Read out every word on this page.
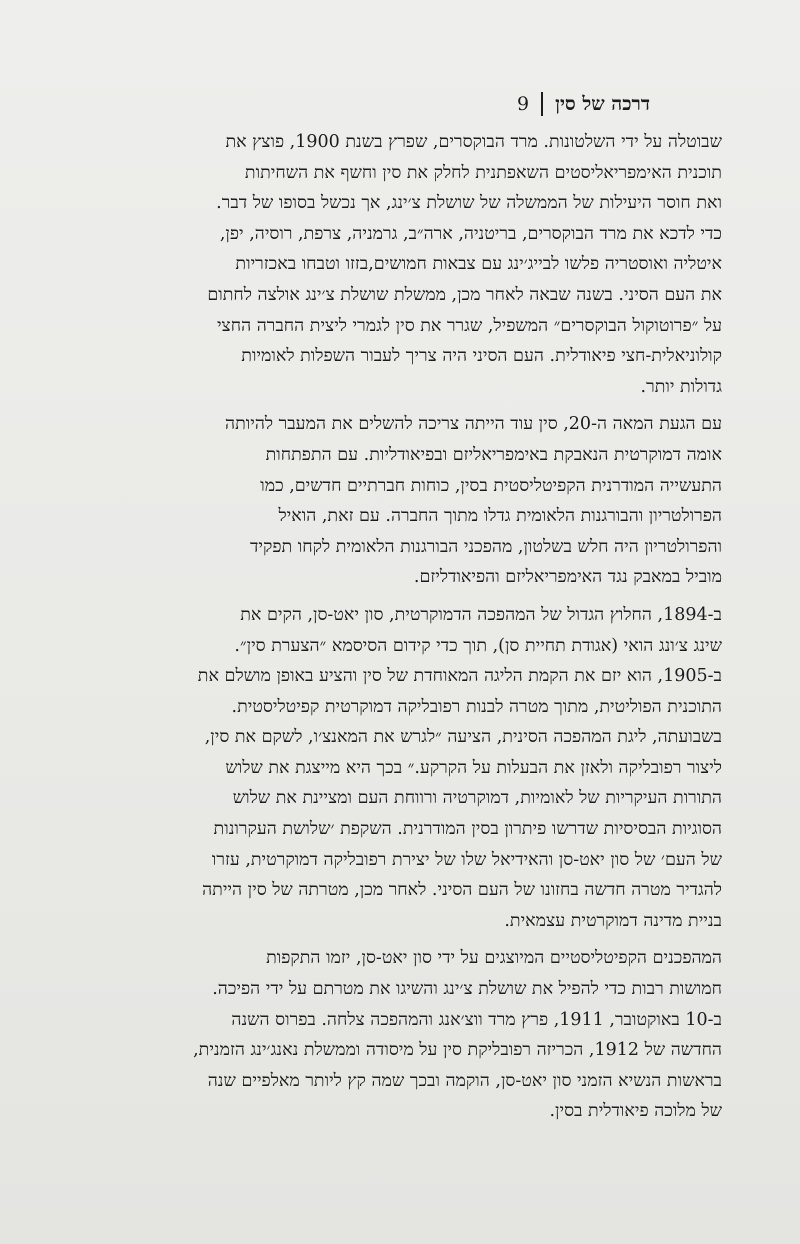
דרכה של סין
9
שבוטלה על ידי השלטונות. מרד הבוקסרים, שפרץ בשנת 1900, פוצץ את
תוכנית האימפריאליסטים השאפתנית לחלק את סין וחשף את השחיתות
ואת חוסר היעילות של הממשלה של שושלת צ׳ינג, אך נכשל בסופו של דבר.
כדי לדכא את מרד הבוקסרים, בריטניה, ארה״ב, גרמניה, צרפת, רוסיה, יפן,
איטליה ואוסטריה פלשו לבייג׳ינג עם צבאות חמושים,בזזו וטבחו באכזריות
את העם הסיני. בשנה שבאה לאחר מכן, ממשלת שושלת צ׳ינג אולצה לחתום
על ״פרוטוקול הבוקסרים״ המשפיל, שגרר את סין לגמרי ליצית החברה החצי
קולוניאלית-חצי פיאודלית. העם הסיני היה צריך לעבור השפלות לאומיות
גדולות יותר.
עם הגעת המאה ה-20, סין עוד הייתה צריכה להשלים את המעבר להיותה
אומה דמוקרטית הנאבקת באימפריאליזם ובפיאודליות. עם התפתחות
התעשייה המודרנית הקפיטליסטית בסין, כוחות חברתיים חדשים, כמו
הפרולטריון והבורגנות הלאומית גדלו מתוך החברה. עם זאת, הואיל
והפרולטריון היה חלש בשלטון, מהפכני הבורגנות הלאומית לקחו תפקיד
מוביל במאבק נגד האימפריאליזם והפיאודליזם.
ב-1894, החלוץ הגדול של המהפכה הדמוקרטית, סון יאט-סן, הקים את
שינג צ׳ונג הואי (אגודת תחיית סן), תוך כדי קידום הסיסמא ״הצערת סין״.
ב-1905, הוא יזם את הקמת הליגה המאוחדת של סין והציע באופן מושלם את
התוכנית הפוליטית, מתוך מטרה לבנות רפובליקה דמוקרטית קפיטליסטית.
בשבועתה, ליגת המהפכה הסינית, הציעה ״לגרש את המאנצ׳ו, לשקם את סין,
ליצור רפובליקה ולאזן את הבעלות על הקרקע.״ בכך היא מייצגת את שלוש
התורות העיקריות של לאומיות, דמוקרטיה ורווחת העם ומציינת את שלוש
הסוגיות הבסיסיות שדרשו פיתרון בסין המודרנית. השקפת ׳שלושת העקרונות
של העם׳ של סון יאט-סן והאידיאל שלו של יצירת רפובליקה דמוקרטית, עזרו
להגדיר מטרה חדשה בחזונו של העם הסיני. לאחר מכן, מטרתה של סין הייתה
בניית מדינה דמוקרטית עצמאית.
המהפכנים הקפיטליסטיים המיוצגים על ידי סון יאט-סן, יזמו התקפות
חמושות רבות כדי להפיל את שושלת צ׳ינג והשיגו את מטרתם על ידי הפיכה.
ב-10 באוקטובר, 1911, פרץ מרד ווצ׳אנג והמהפכה צלחה. בפרוס השנה
החדשה של 1912, הכריזה רפובליקת סין על מיסודה וממשלת נאנג׳ינג הזמנית,
בראשות הנשיא הזמני סון יאט-סן, הוקמה ובכך שמה קץ ליותר מאלפיים שנה
של מלוכה פיאודלית בסין.
